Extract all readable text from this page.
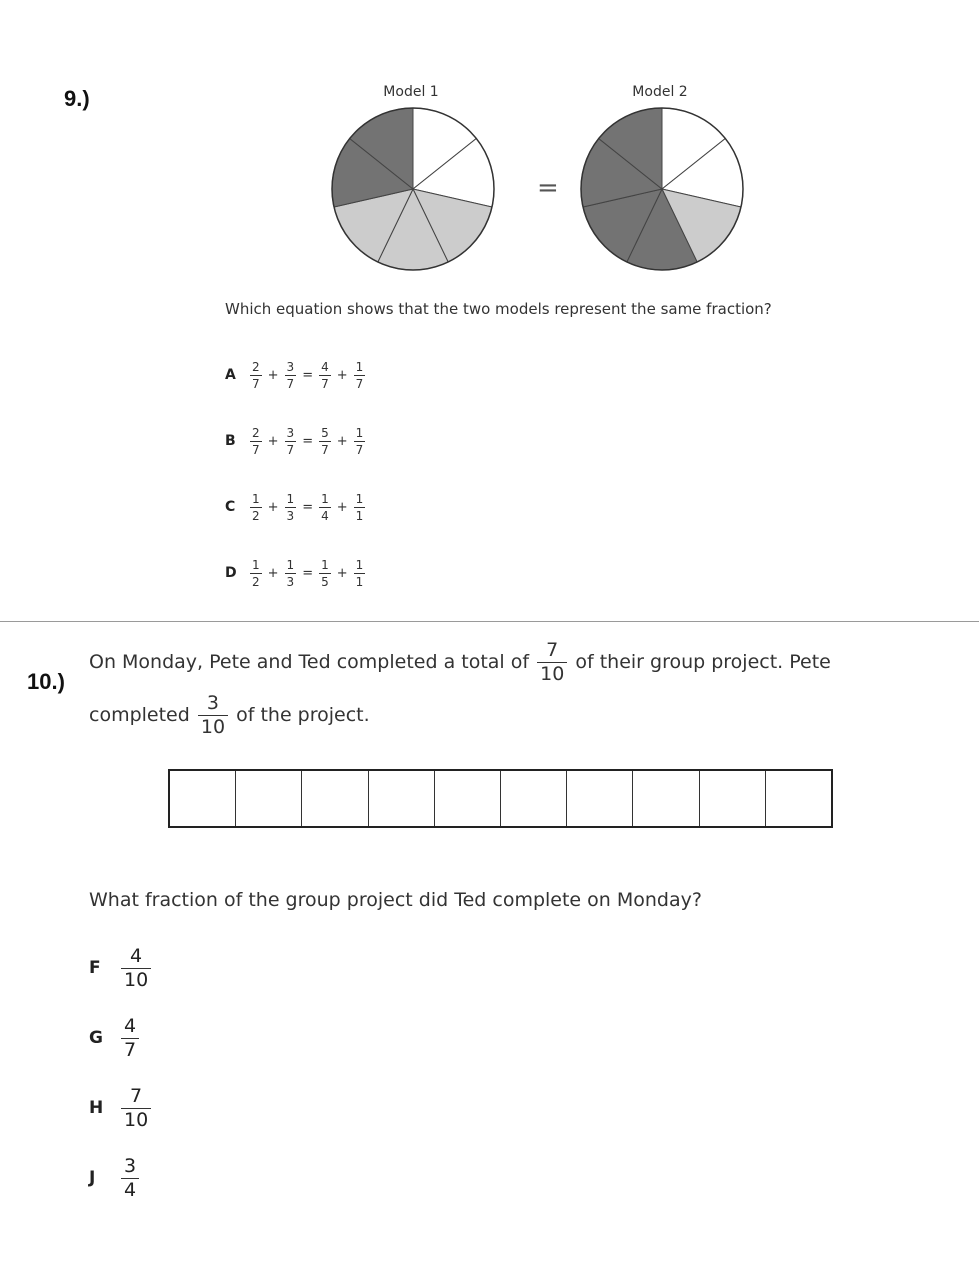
9.)	Model 1	Model 2
=
Which equation shows that the two models represent the same fraction?
A	$\frac{2}{7} + \frac{3}{7} = \frac{4}{7} + \frac{1}{7}$
B	$\frac{2}{7} + \frac{3}{7} = \frac{5}{7} + \frac{1}{7}$
C	$\frac{1}{2} + \frac{1}{3} = \frac{1}{4} + \frac{1}{1}$
D	$\frac{1}{2} + \frac{1}{3} = \frac{1}{5} + \frac{1}{1}$
10.)
On Monday, Pete and Ted completed a total of $\frac{7}{10}$ of their group project. Pete
completed $\frac{3}{10}$ of the project.
What fraction of the group project did Ted complete on Monday?
F
4
10
G
4
7
H
7
10
J
3
4
